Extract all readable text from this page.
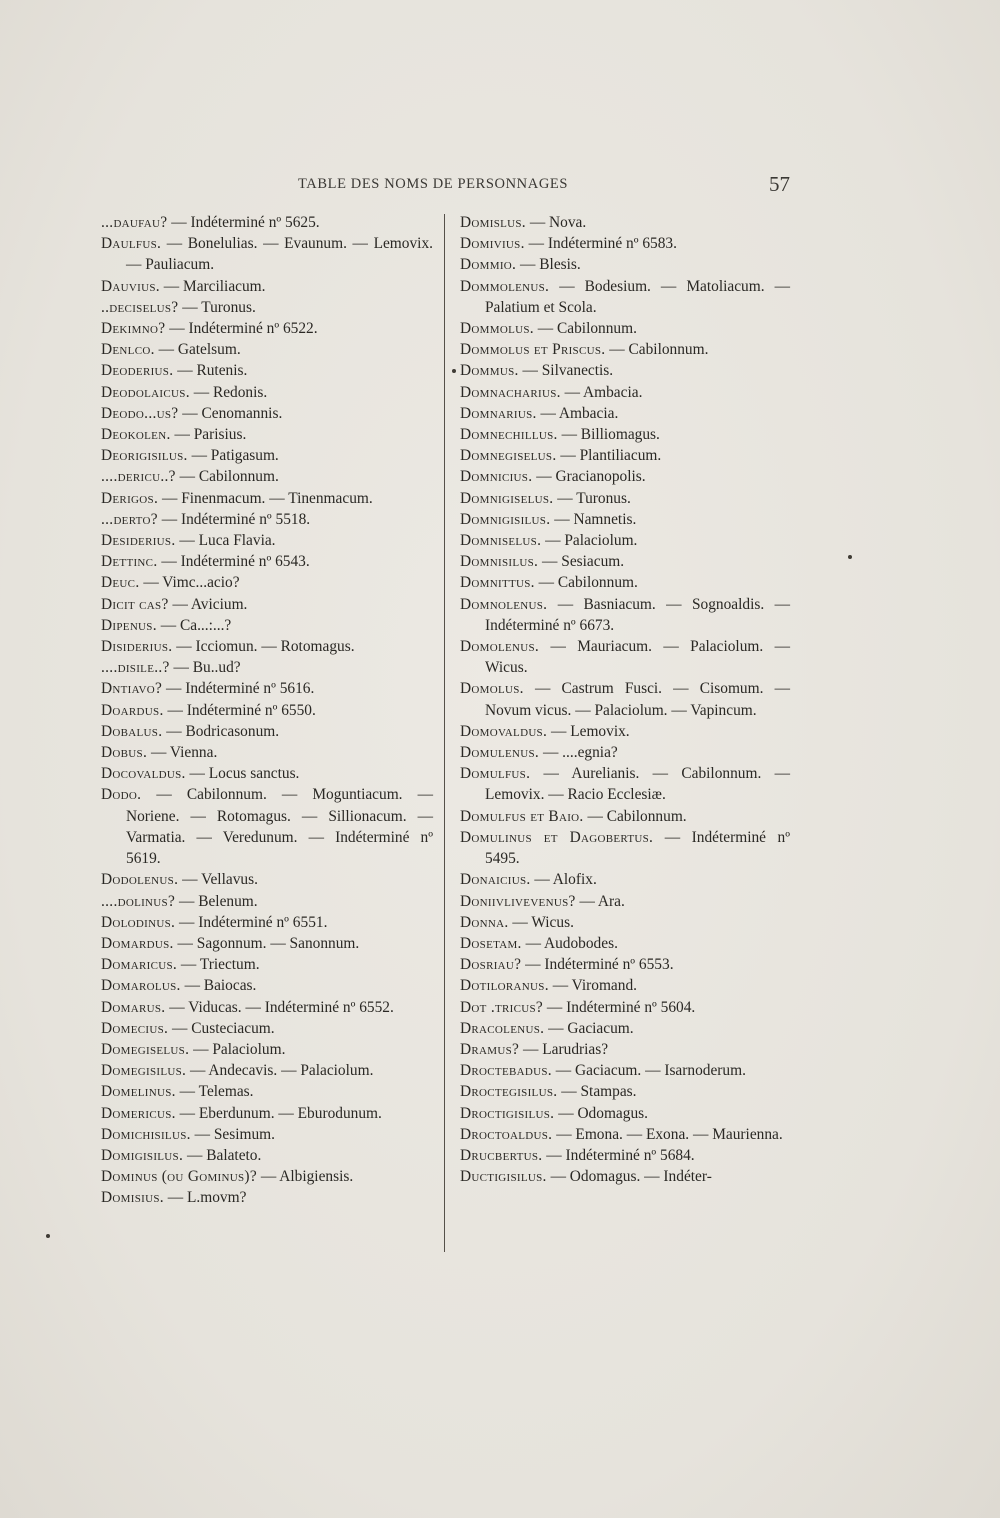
TABLE DES NOMS DE PERSONNAGES	57
...daufau? — Indéterminé nº 5625.
Daulfus. — Bonelulias. — Evaunum. — Lemovix. — Pauliacum.
Dauvius. — Marciliacum.
..deciselus? — Turonus.
Dekimno? — Indéterminé nº 6522.
Denlco. — Gatelsum.
Deoderius. — Rutenis.
Deodolaicus. — Redonis.
Deodo...us? — Cenomannis.
Deokolen. — Parisius.
Deorigisilus. — Patigasum.
....dericu..? — Cabilonnum.
Derigos. — Finenmacum. — Tinenmacum.
...derto? — Indéterminé nº 5518.
Desiderius. — Luca Flavia.
Dettinc. — Indéterminé nº 6543.
Deuc. — Vimc...acio?
Dicit cas? — Avicium.
Dipenus. — Ca...:...?
Disiderius. — Icciomun. — Rotomagus.
....disile..? — Bu..ud?
Dntiavo? — Indéterminé nº 5616.
Doardus. — Indéterminé nº 6550.
Dobalus. — Bodricasonum.
Dobus. — Vienna.
Docovaldus. — Locus sanctus.
Dodo. — Cabilonnum. — Moguntiacum. — Noriene. — Rotomagus. — Sillionacum. — Varmatia. — Veredunum. — Indéterminé nº 5619.
Dodolenus. — Vellavus.
....dolinus? — Belenum.
Dolodinus. — Indéterminé nº 6551.
Domardus. — Sagonnum. — Sanonnum.
Domaricus. — Triectum.
Domarolus. — Baiocas.
Domarus. — Viducas. — Indéterminé nº 6552.
Domecius. — Custeciacum.
Domegiselus. — Palaciolum.
Domegisilus. — Andecavis. — Palaciolum.
Domelinus. — Telemas.
Domericus. — Eberdunum. — Eburodunum.
Domichisilus. — Sesimum.
Domigisilus. — Balateto.
Dominus (ou Gominus)? — Albigiensis.
Domisius. — L.movm?
Domislus. — Nova.
Domivius. — Indéterminé nº 6583.
Dommio. — Blesis.
Dommolenus. — Bodesium. — Matoliacum. — Palatium et Scola.
Dommolus. — Cabilonnum.
Dommolus et Priscus. — Cabilonnum.
Dommus. — Silvanectis.
Domnacharius. — Ambacia.
Domnarius. — Ambacia.
Domnechillus. — Billiomagus.
Domnegiselus. — Plantiliacum.
Domnicius. — Gracianopolis.
Domnigiselus. — Turonus.
Domnigisilus. — Namnetis.
Domniselus. — Palaciolum.
Domnisilus. — Sesiacum.
Domnittus. — Cabilonnum.
Domnolenus. — Basniacum. — Sognoaldis. — Indéterminé nº 6673.
Domolenus. — Mauriacum. — Palaciolum. — Wicus.
Domolus. — Castrum Fusci. — Cisomum. — Novum vicus. — Palaciolum. — Vapincum.
Domovaldus. — Lemovix.
Domulenus. — ....egnia?
Domulfus. — Aurelianis. — Cabilonnum. — Lemovix. — Racio Ecclesiæ.
Domulfus et Baio. — Cabilonnum.
Domulinus et Dagobertus. — Indéterminé nº 5495.
Donaicius. — Alofix.
Doniivlivevenus? — Ara.
Donna. — Wicus.
Dosetam. — Audobodes.
Dosriau? — Indéterminé nº 6553.
Dotiloranus. — Viromand.
Dot .tricus? — Indéterminé nº 5604.
Dracolenus. — Gaciacum.
Dramus? — Larudrias?
Droctebadus. — Gaciacum. — Isarnoderum.
Droctegisilus. — Stampas.
Droctigisilus. — Odomagus.
Droctoaldus. — Emona. — Exona. — Maurienna.
Drucbertus. — Indéterminé nº 5684.
Ductigisilus. — Odomagus. — Indéter-
